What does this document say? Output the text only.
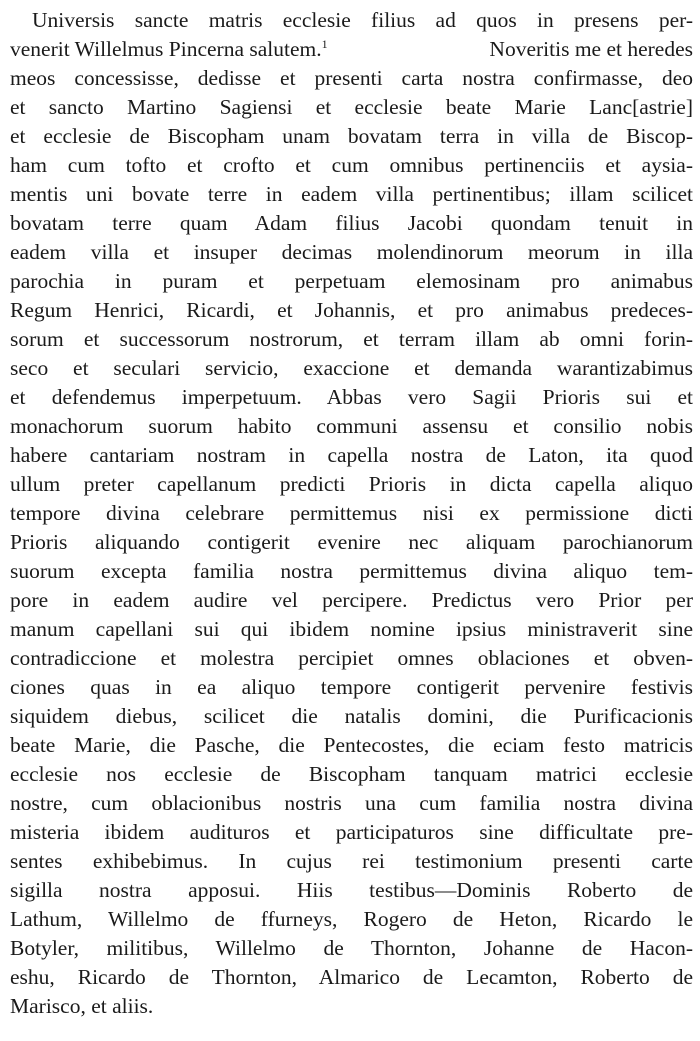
Universis sancte matris ecclesie filius ad quos in presens per-
venerit Willelmus Pincerna salutem.$^1$	Noveritis me et heredes
meos concessisse, dedisse et presenti carta nostra confirmasse, deo
et sancto Martino Sagiensi et ecclesie beate Marie Lanc[astrie]
et ecclesie de Biscopham unam bovatam terra in villa de Biscop-
ham cum tofto et crofto et cum omnibus pertinenciis et aysia-
mentis uni bovate terre in eadem villa pertinentibus; illam scilicet
bovatam terre quam Adam filius Jacobi quondam tenuit in
eadem villa et insuper decimas molendinorum meorum in illa
parochia in puram et perpetuam elemosinam pro animabus
Regum Henrici, Ricardi, et Johannis, et pro animabus predeces-
sorum et successorum nostrorum, et terram illam ab omni forin-
seco et seculari servicio, exaccione et demanda warantizabimus
et defendemus imperpetuum. Abbas vero Sagii Prioris sui et
monachorum suorum habito communi assensu et consilio nobis
habere cantariam nostram in capella nostra de Laton, ita quod
ullum preter capellanum predicti Prioris in dicta capella aliquo
tempore divina celebrare permittemus nisi ex permissione dicti
Prioris aliquando contigerit evenire nec aliquam parochianorum
suorum excepta familia nostra permittemus divina aliquo tem-
pore in eadem audire vel percipere. Predictus vero Prior per
manum capellani sui qui ibidem nomine ipsius ministraverit sine
contradiccione et molestra percipiet omnes oblaciones et obven-
ciones quas in ea aliquo tempore contigerit pervenire festivis
siquidem diebus, scilicet die natalis domini, die Purificacionis
beate Marie, die Pasche, die Pentecostes, die eciam festo matricis
ecclesie nos ecclesie de Biscopham tanquam matrici ecclesie
nostre, cum oblacionibus nostris una cum familia nostra divina
misteria ibidem audituros et participaturos sine difficultate pre-
sentes exhibebimus. In cujus rei testimonium presenti carte
sigilla nostra apposui. Hiis testibus—Dominis Roberto de
Lathum, Willelmo de ffurneys, Rogero de Heton, Ricardo le
Botyler, militibus, Willelmo de Thornton, Johanne de Hacon-
eshu, Ricardo de Thornton, Almarico de Lecamton, Roberto de
Marisco, et aliis.
